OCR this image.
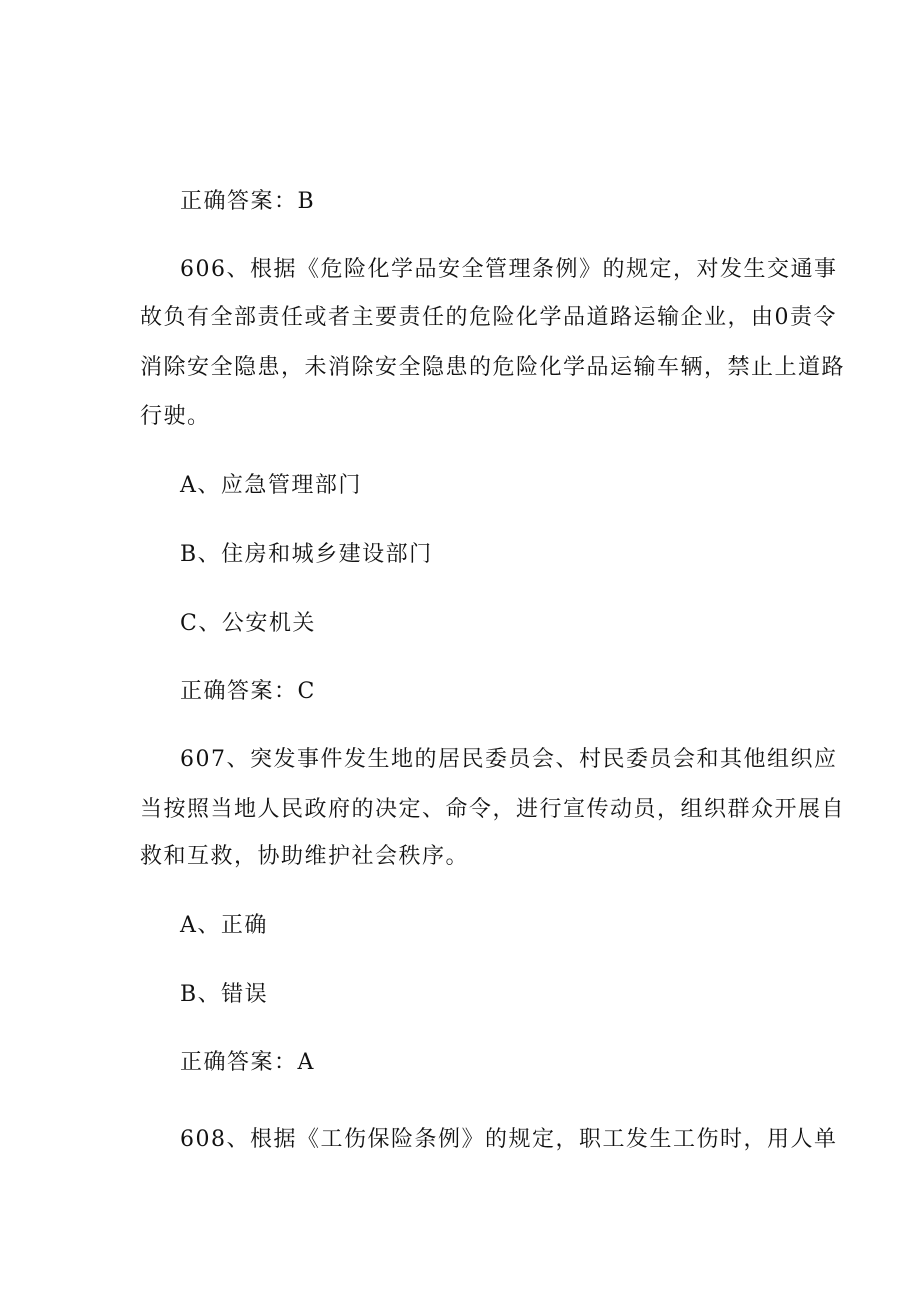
正确答案：B
606、根据《危险化学品安全管理条例》的规定，对发生交通事
故负有全部责任或者主要责任的危险化学品道路运输企业，由0责令
消除安全隐患，未消除安全隐患的危险化学品运输车辆，禁止上道路
行驶。
A、应急管理部门
B、住房和城乡建设部门
C、公安机关
正确答案：C
607、突发事件发生地的居民委员会、村民委员会和其他组织应
当按照当地人民政府的决定、命令，进行宣传动员，组织群众开展自
救和互救，协助维护社会秩序。
A、正确
B、错误
正确答案：A
608、根据《工伤保险条例》的规定，职工发生工伤时，用人单
